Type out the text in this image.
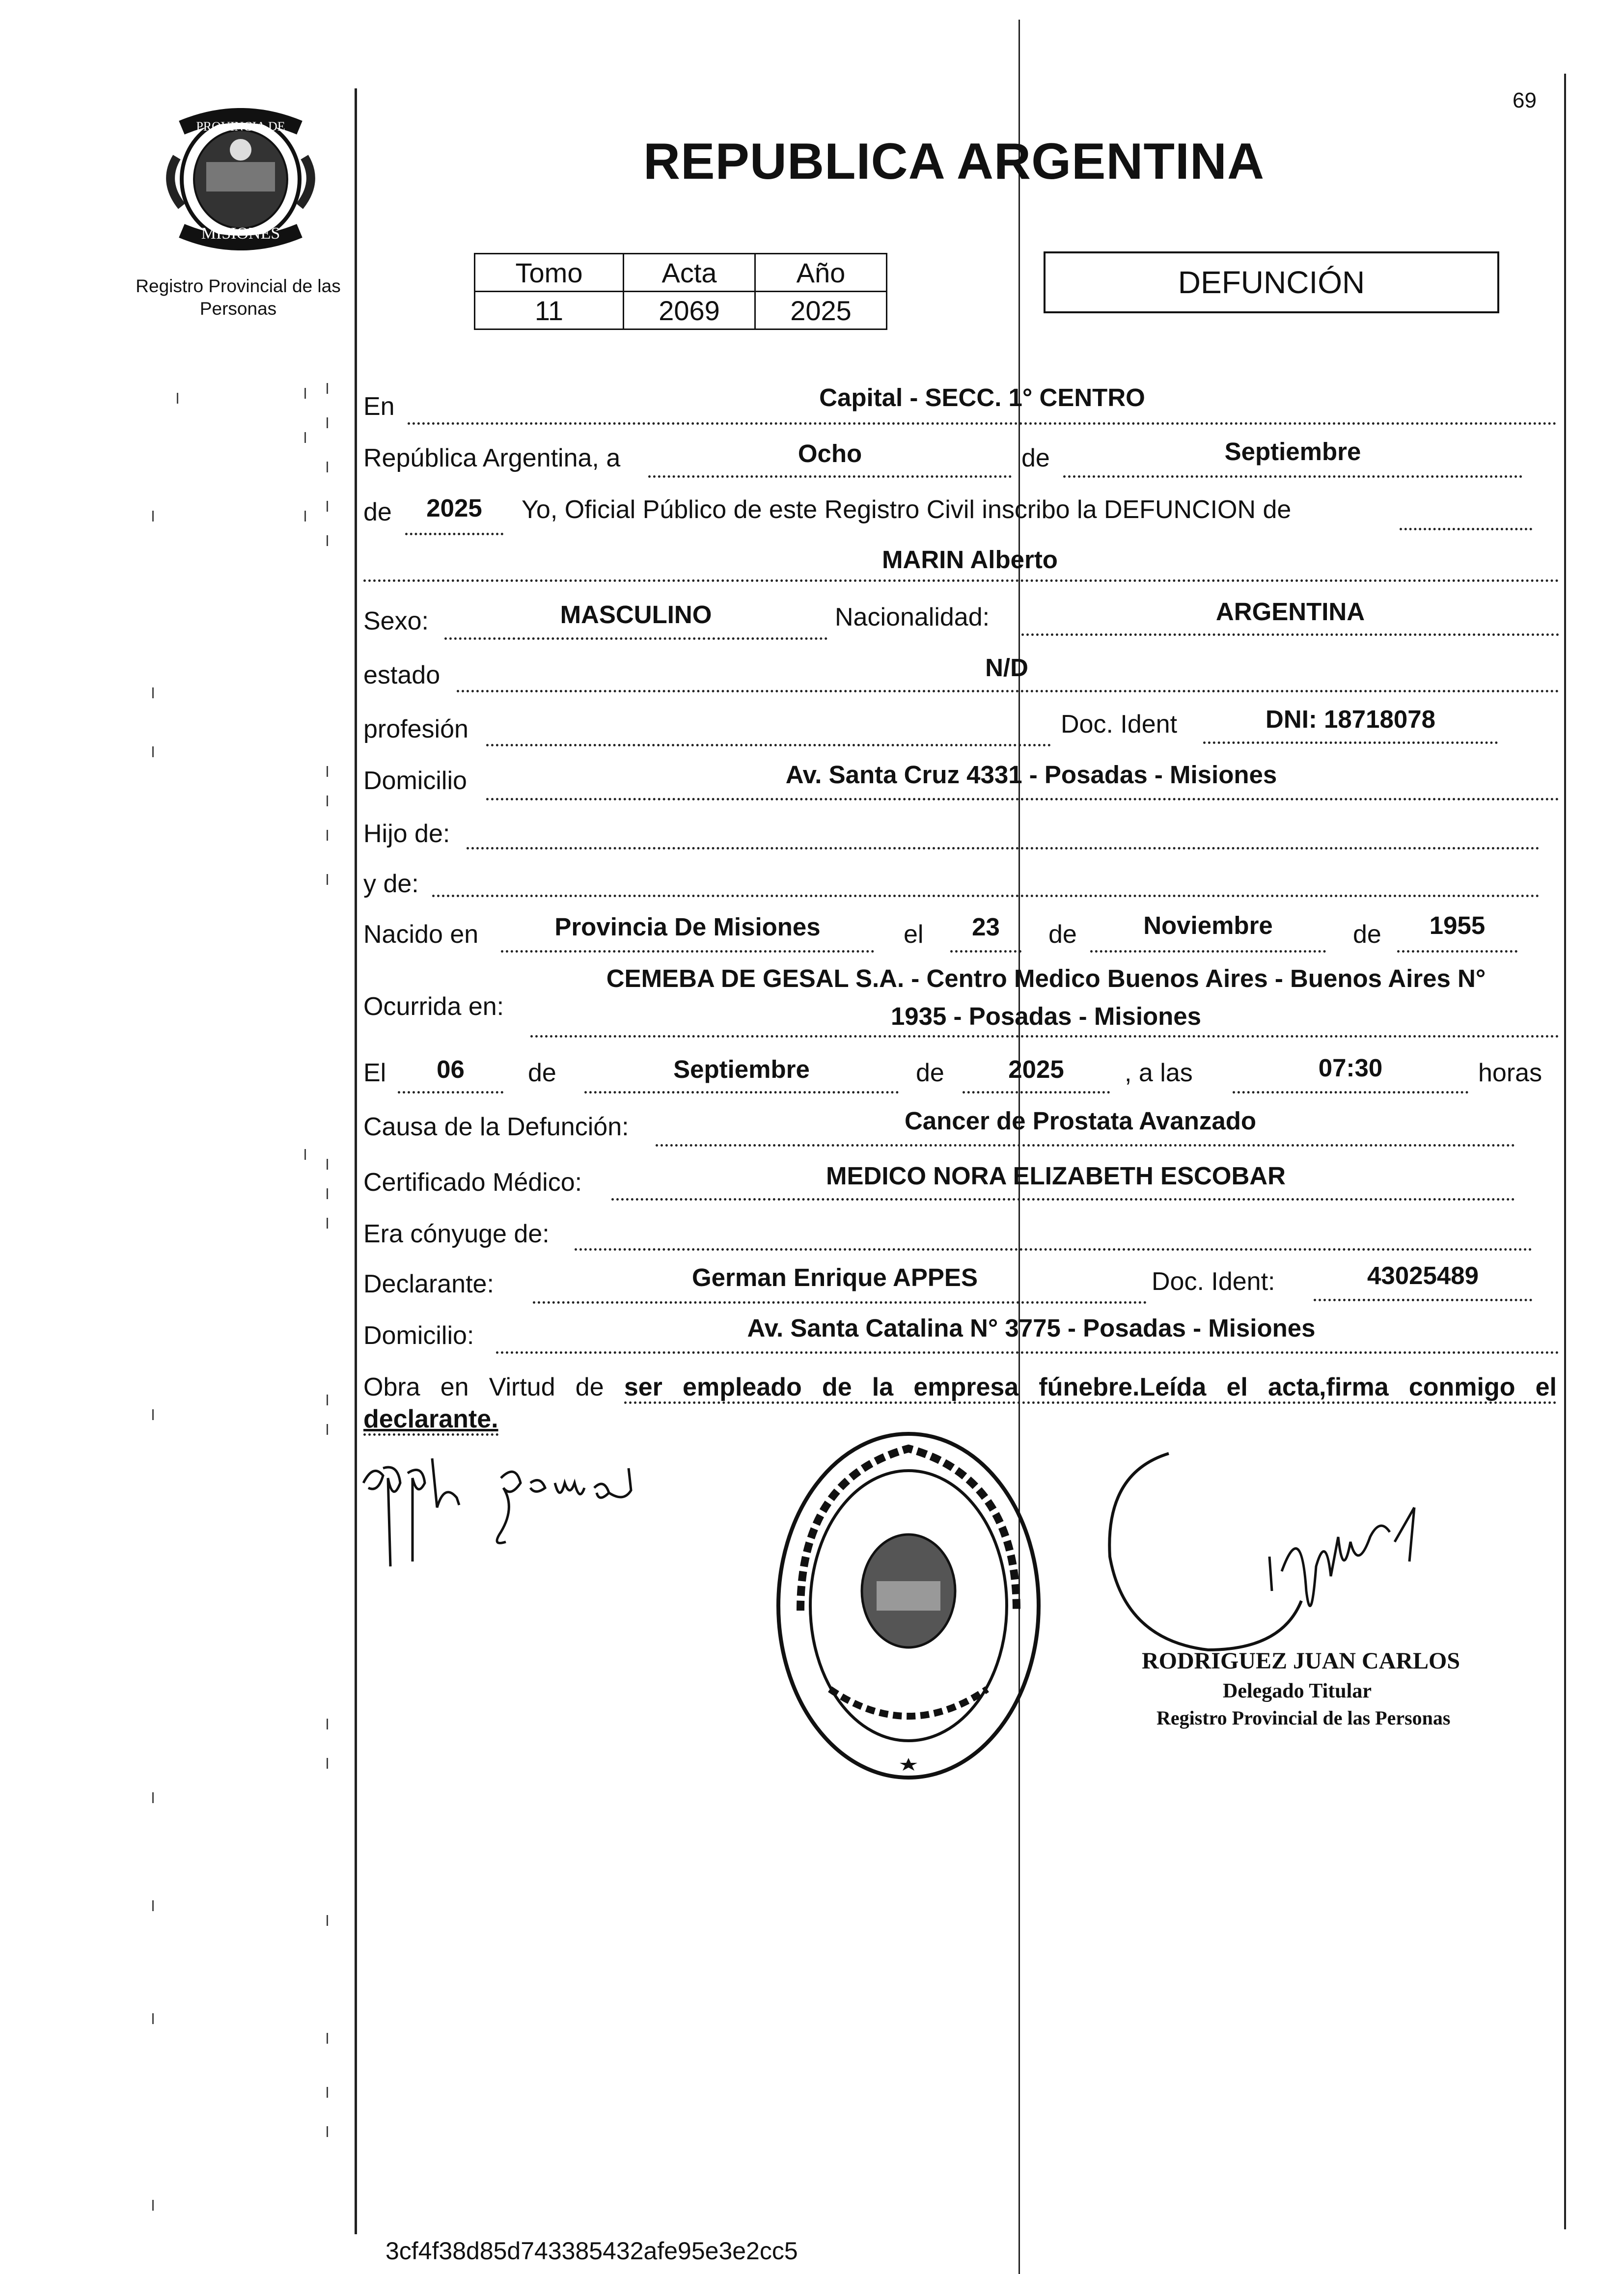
PROVINCIA DE
MISIONES
Registro Provincial de las Personas
69
REPUBLICA ARGENTINA
Tomo	Acta	Año
11	2069	2025
DEFUNCIÓN
En	Capital - SECC. 1° CENTRO
República Argentina, a	Ocho	de	Septiembre
de	2025	Yo, Oficial Público de este Registro Civil inscribo la DEFUNCION de
MARIN Alberto
Sexo:	MASCULINO	Nacionalidad:	ARGENTINA
estado	N/D
profesión	Doc. Ident	DNI: 18718078
Domicilio	Av. Santa Cruz 4331 - Posadas - Misiones
Hijo de:
y de:
Nacido en	Provincia De Misiones	el	23	de	Noviembre	de	1955
Ocurrida en:
CEMEBA DE GESAL S.A. - Centro Medico Buenos Aires - Buenos Aires N°
1935 - Posadas - Misiones
El	06	de	Septiembre	de	2025	, a las	07:30	horas
Causa de la Defunción:	Cancer de Prostata Avanzado
Certificado Médico:	MEDICO NORA ELIZABETH ESCOBAR
Era cónyuge de:
Declarante:	German Enrique APPES	Doc. Ident:	43025489
Domicilio:	Av. Santa Catalina N° 3775 - Posadas - Misiones
Obra en Virtud de ser empleado de la empresa fúnebre.Leída el acta,firma conmigo el
declarante.
RODRIGUEZ JUAN CARLOS
Delegado Titular
Registro Provincial de las Personas
3cf4f38d85d743385432afe95e3e2cc5
